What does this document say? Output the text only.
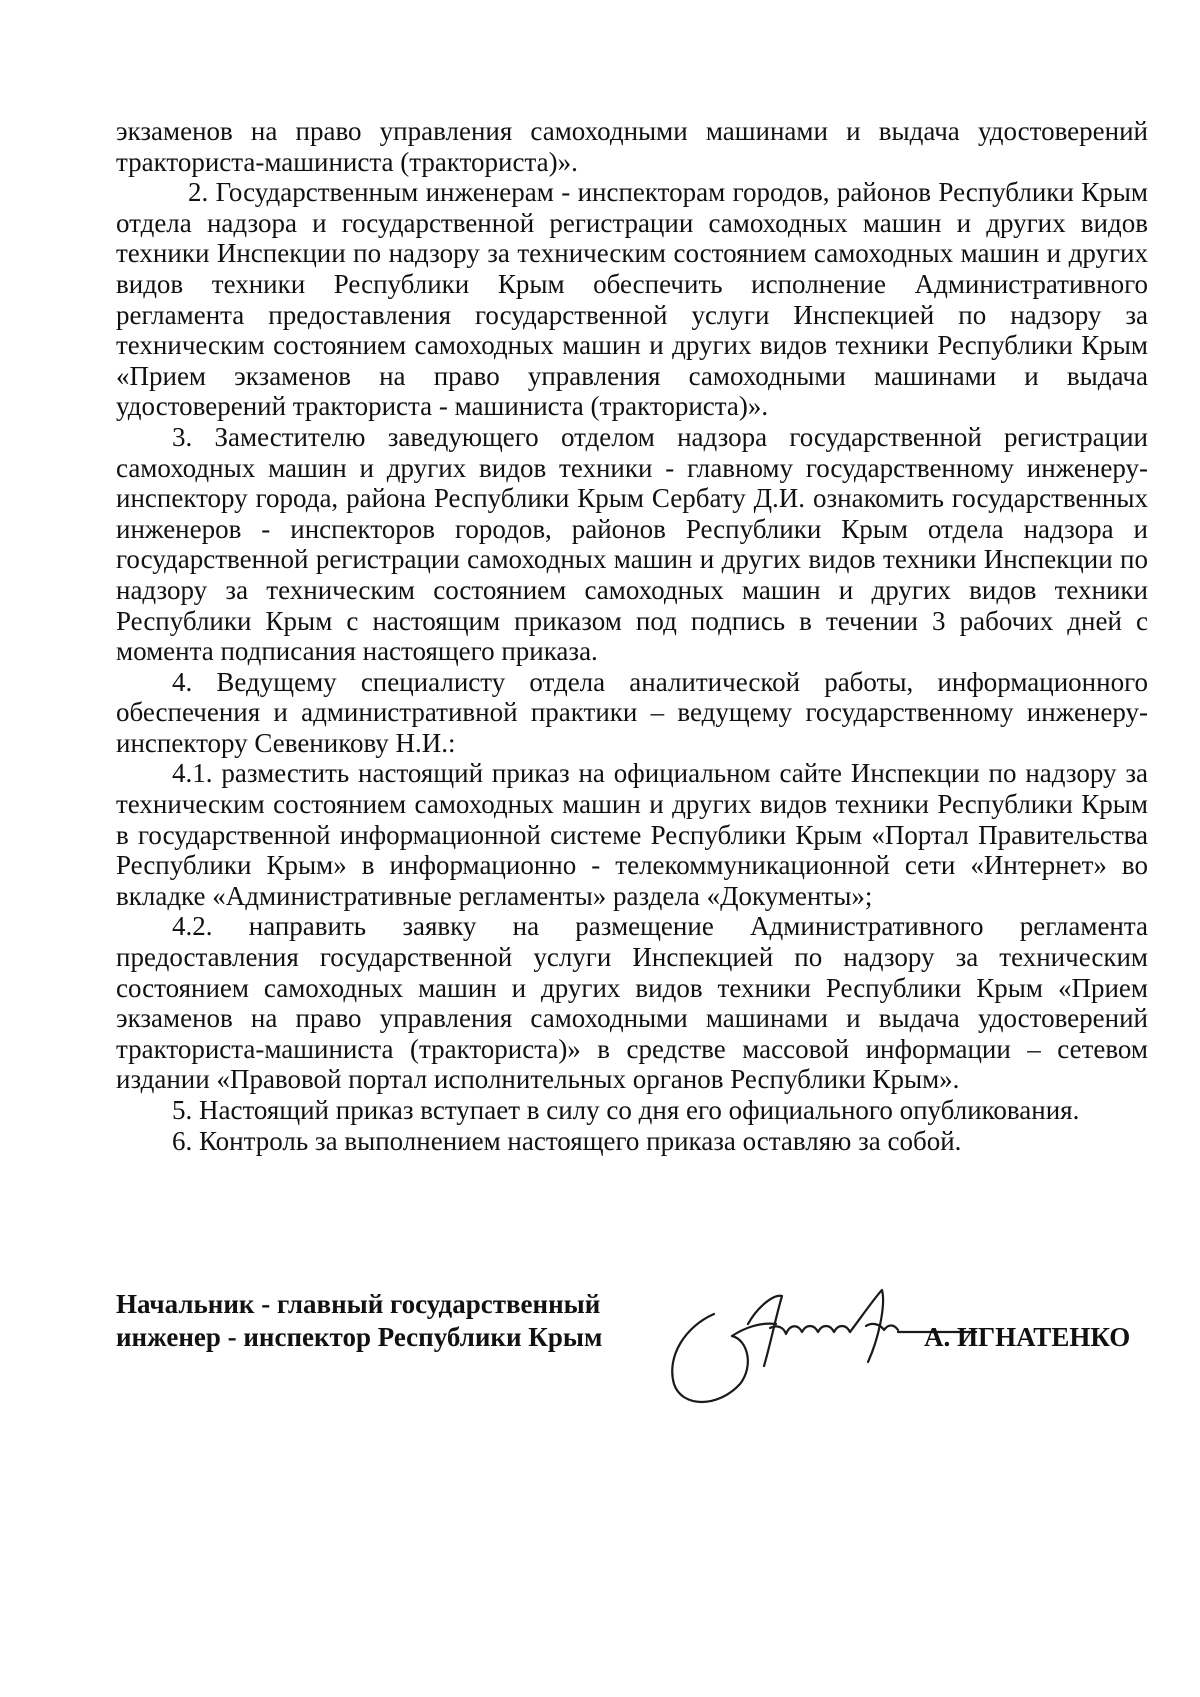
экзаменов на право управления самоходными машинами и выдача удостоверений тракториста-машиниста (тракториста)».

2. Государственным инженерам - инспекторам городов, районов Республики Крым отдела надзора и государственной регистрации самоходных машин и других видов техники Инспекции по надзору за техническим состоянием самоходных машин и других видов техники Республики Крым обеспечить исполнение Административного регламента предоставления государственной услуги Инспекцией по надзору за техническим состоянием самоходных машин и других видов техники Республики Крым «Прием экзаменов на право управления самоходными машинами и выдача удостоверений тракториста - машиниста (тракториста)».

3. Заместителю заведующего отделом надзора государственной регистрации самоходных машин и других видов техники - главному государственному инженеру-инспектору города, района Республики Крым Сербату Д.И. ознакомить государственных инженеров - инспекторов городов, районов Республики Крым отдела надзора и государственной регистрации самоходных машин и других видов техники Инспекции по надзору за техническим состоянием самоходных машин и других видов техники Республики Крым с настоящим приказом под подпись в течении 3 рабочих дней с момента подписания настоящего приказа.

4. Ведущему специалисту отдела аналитической работы, информационного обеспечения и административной практики – ведущему государственному инженеру-инспектору Севеникову Н.И.:

4.1. разместить настоящий приказ на официальном сайте Инспекции по надзору за техническим состоянием самоходных машин и других видов техники Республики Крым в государственной информационной системе Республики Крым «Портал Правительства Республики Крым» в информационно - телекоммуникационной сети «Интернет» во вкладке «Административные регламенты» раздела «Документы»;

4.2. направить заявку на размещение Административного регламента предоставления государственной услуги Инспекцией по надзору за техническим состоянием самоходных машин и других видов техники Республики Крым «Прием экзаменов на право управления самоходными машинами и выдача удостоверений тракториста-машиниста (тракториста)» в средстве массовой информации – сетевом издании «Правовой портал исполнительных органов Республики Крым».

5. Настоящий приказ вступает в силу со дня его официального опубликования.

6. Контроль за выполнением настоящего приказа оставляю за собой.

Начальник - главный государственный
инженер - инспектор Республики Крым	А. ИГНАТЕНКО
